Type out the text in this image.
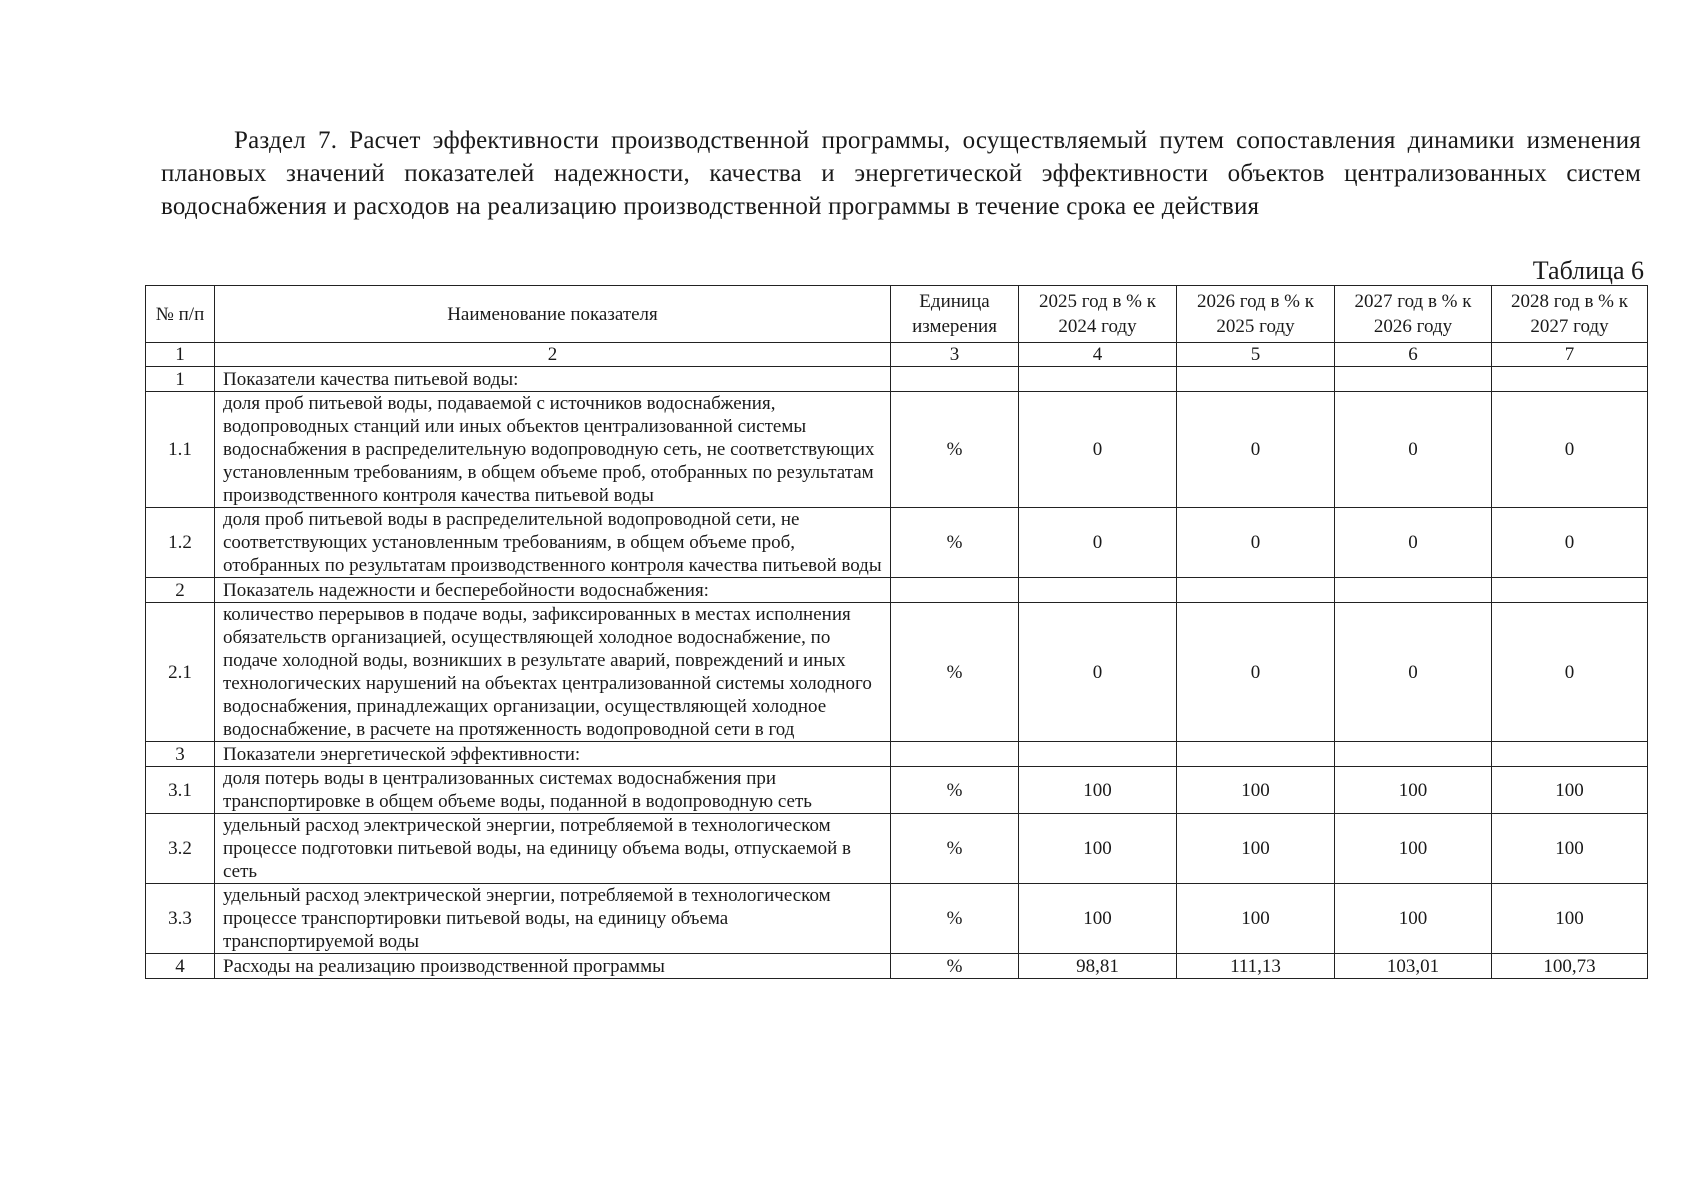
Раздел 7. Расчет эффективности производственной программы, осуществляемый путем сопоставления динамики изменения плановых значений показателей надежности, качества и энергетической эффективности объектов централизованных систем водоснабжения и расходов на реализацию производственной программы в течение срока ее действия
Таблица 6
№ п/п	Наименование показателя	Единица измерения	2025 год в % к 2024 году	2026 год в % к 2025 году	2027 год в % к 2026 году	2028 год в % к 2027 году
1	2	3	4	5	6	7
1	Показатели качества питьевой воды:					
1.1	доля проб питьевой воды, подаваемой с источников водоснабжения, водопроводных станций или иных объектов централизованной системы водоснабжения в распределительную водопроводную сеть, не соответствующих установленным требованиям, в общем объеме проб, отобранных по результатам производственного контроля качества питьевой воды	%	0	0	0	0
1.2	доля проб питьевой воды в распределительной водопроводной сети, не соответствующих установленным требованиям, в общем объеме проб, отобранных по результатам производственного контроля качества питьевой воды	%	0	0	0	0
2	Показатель надежности и бесперебойности водоснабжения:					
2.1	количество перерывов в подаче воды, зафиксированных в местах исполнения обязательств организацией, осуществляющей холодное водоснабжение, по подаче холодной воды, возникших в результате аварий, повреждений и иных технологических нарушений на объектах централизованной системы холодного водоснабжения, принадлежащих организации, осуществляющей холодное водоснабжение, в расчете на протяженность водопроводной сети в год	%	0	0	0	0
3	Показатели энергетической эффективности:					
3.1	доля потерь воды в централизованных системах водоснабжения при транспортировке в общем объеме воды, поданной в водопроводную сеть	%	100	100	100	100
3.2	удельный расход электрической энергии, потребляемой в технологическом процессе подготовки питьевой воды, на единицу объема воды, отпускаемой в сеть	%	100	100	100	100
3.3	удельный расход электрической энергии, потребляемой в технологическом процессе транспортировки питьевой воды, на единицу объема транспортируемой воды	%	100	100	100	100
4	Расходы на реализацию производственной программы	%	98,81	111,13	103,01	100,73
